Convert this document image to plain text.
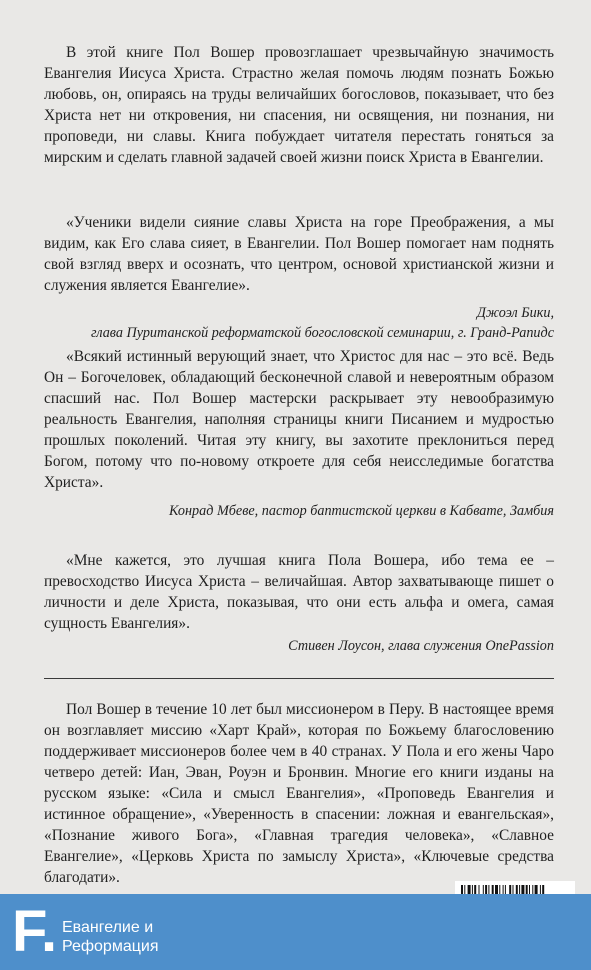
В этой книге Пол Вошер провозглашает чрезвычайную значимость Евангелия Иисуса Христа. Страстно желая помочь людям познать Божью любовь, он, опираясь на труды величайших богословов, показывает, что без Христа нет ни откровения, ни спасения, ни освящения, ни познания, ни проповеди, ни славы. Книга побуждает читателя перестать гоняться за мирским и сделать главной задачей своей жизни поиск Христа в Евангелии.

«Ученики видели сияние славы Христа на горе Преображения, а мы видим, как Его слава сияет, в Евангелии. Пол Вошер помогает нам поднять свой взгляд вверх и осознать, что центром, основой христианской жизни и служения является Евангелие».

Джоэл Бики,

глава Пуританской реформатской богословской семинарии, г. Гранд-Рапидс

«Всякий истинный верующий знает, что Христос для нас – это всё. Ведь Он – Богочеловек, обладающий бесконечной славой и невероятным образом спасший нас. Пол Вошер мастерски раскрывает эту невообразимую реальность Евангелия, наполняя страницы книги Писанием и мудростью прошлых поколений. Читая эту книгу, вы захотите преклониться перед Богом, потому что по-новому откроете для себя неисследимые богатства Христа».

Конрад Мбеве, пастор баптистской церкви в Кабвате, Замбия

«Мне кажется, это лучшая книга Пола Вошера, ибо тема ее – превосходство Иисуса Христа – величайшая. Автор захватывающе пишет о личности и деле Христа, показывая, что они есть альфа и омега, самая сущность Евангелия».

Стивен Лоусон, глава служения OnePassion

Пол Вошер в течение 10 лет был миссионером в Перу. В настоящее время он возглавляет миссию «Харт Край», которая по Божьему благословению поддерживает миссионеров более чем в 40 странах. У Пола и его жены Чаро четверо детей: Иан, Эван, Роуэн и Бронвин. Многие его книги изданы на русском языке: «Сила и смысл Евангелия», «Проповедь Евангелия и истинное обращение», «Уверенность в спасении: ложная и евангельская», «Познание живого Бога», «Главная трагедия человека», «Славное Евангелие», «Церковь Христа по замыслу Христа», «Ключевые средства благодати».

F. Евангелие и
Реформация
